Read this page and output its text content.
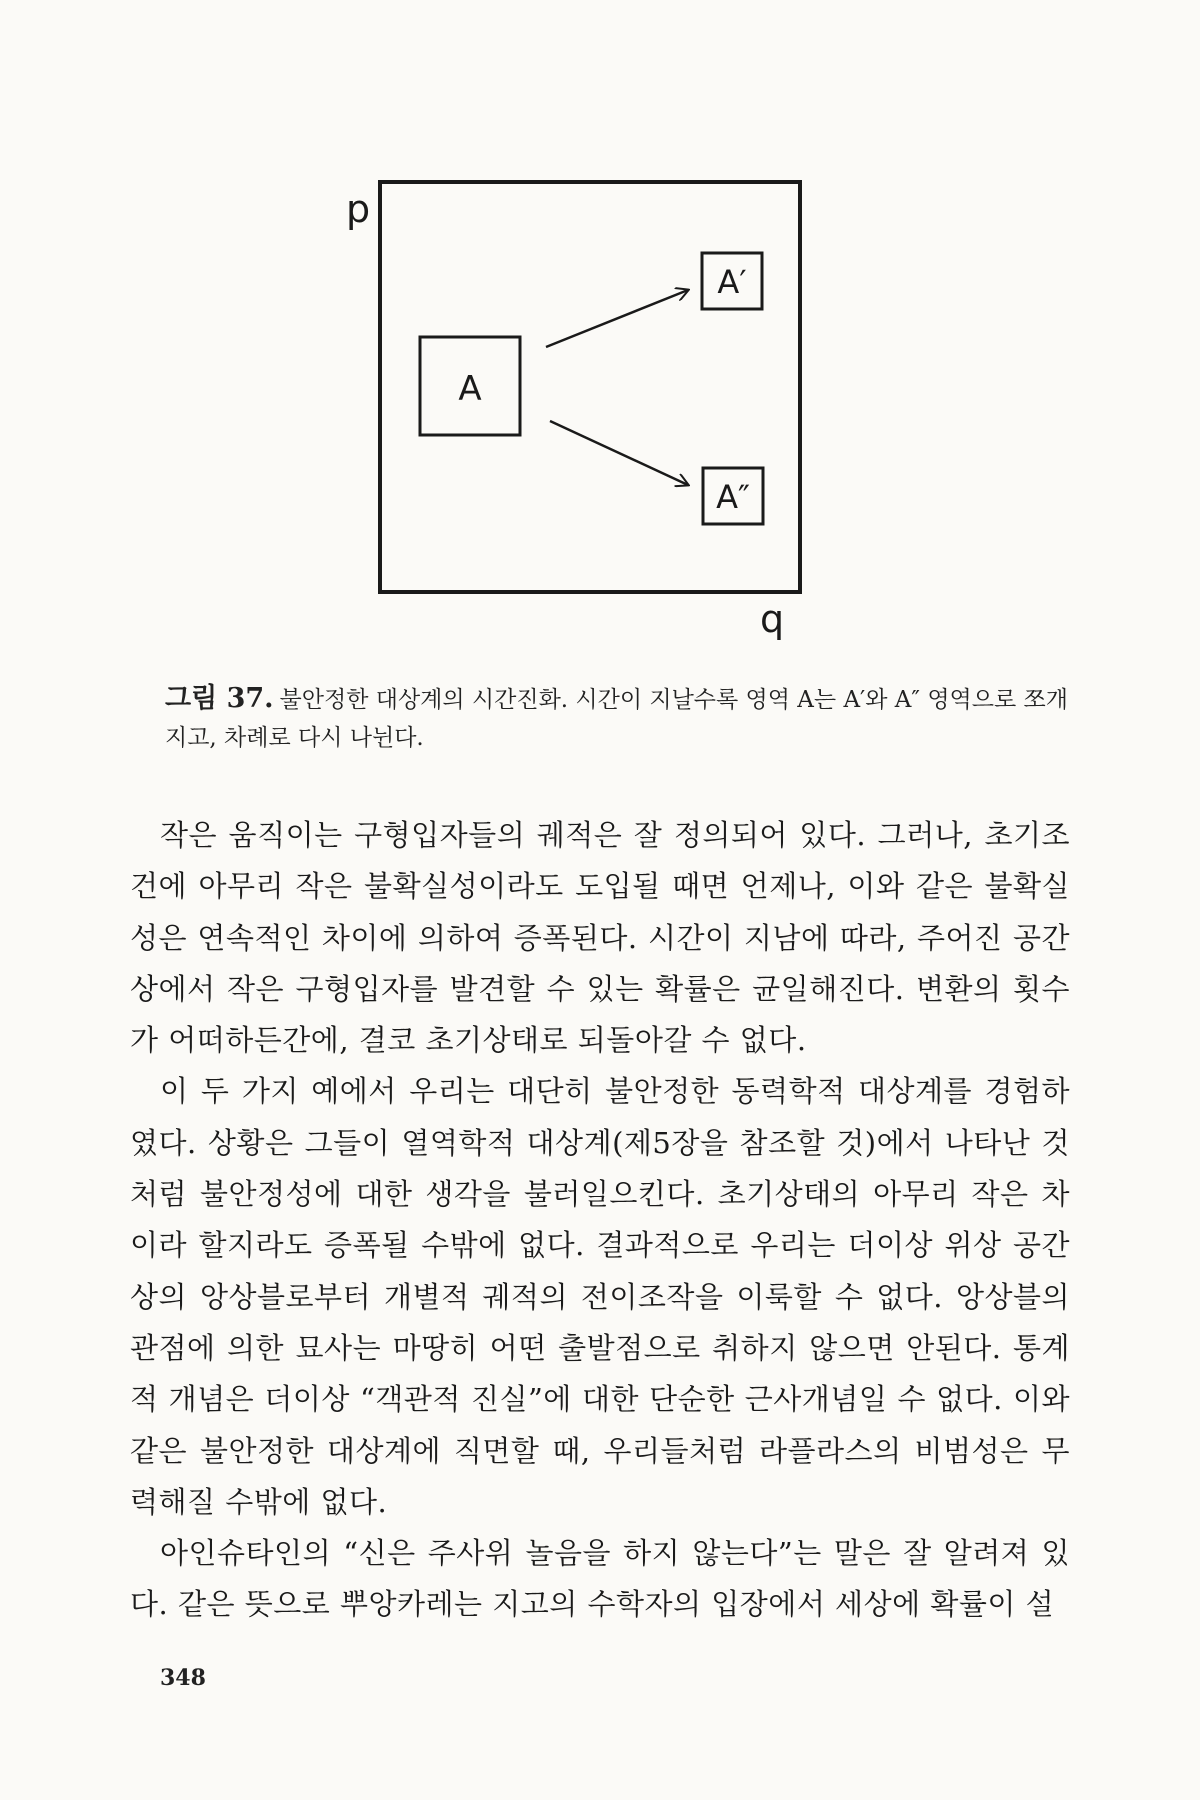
p
q
A
A′
A″
그림 37. 불안정한 대상계의 시간진화. 시간이 지날수록 영역 A는 A′와 A″ 영역으로 쪼개지고, 차례로 다시 나뉜다.

작은 움직이는 구형입자들의 궤적은 잘 정의되어 있다. 그러나, 초기조건에 아무리 작은 불확실성이라도 도입될 때면 언제나, 이와 같은 불확실성은 연속적인 차이에 의하여 증폭된다. 시간이 지남에 따라, 주어진 공간상에서 작은 구형입자를 발견할 수 있는 확률은 균일해진다. 변환의 횟수가 어떠하든간에, 결코 초기상태로 되돌아갈 수 없다.

이 두 가지 예에서 우리는 대단히 불안정한 동력학적 대상계를 경험하였다. 상황은 그들이 열역학적 대상계(제5장을 참조할 것)에서 나타난 것처럼 불안정성에 대한 생각을 불러일으킨다. 초기상태의 아무리 작은 차이라 할지라도 증폭될 수밖에 없다. 결과적으로 우리는 더이상 위상 공간상의 앙상블로부터 개별적 궤적의 전이조작을 이룩할 수 없다. 앙상블의 관점에 의한 묘사는 마땅히 어떤 출발점으로 취하지 않으면 안된다. 통계적 개념은 더이상 “객관적 진실”에 대한 단순한 근사개념일 수 없다. 이와 같은 불안정한 대상계에 직면할 때, 우리들처럼 라플라스의 비범성은 무력해질 수밖에 없다.

아인슈타인의 “신은 주사위 놀음을 하지 않는다”는 말은 잘 알려져 있다. 같은 뜻으로 뿌앙카레는 지고의 수학자의 입장에서 세상에 확률이 설

348
